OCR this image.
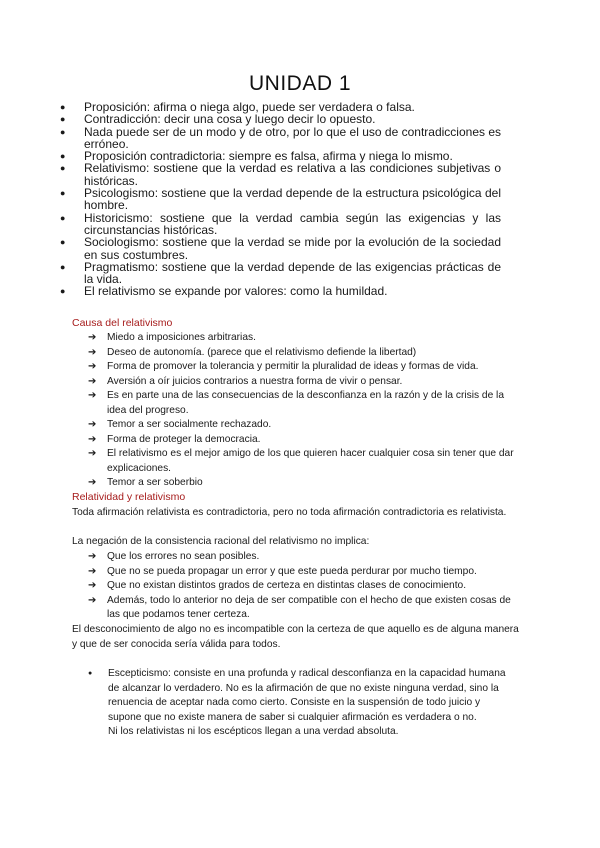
UNIDAD 1
● Proposición: afirma o niega algo, puede ser verdadera o falsa.
● Contradicción: decir una cosa y luego decir lo opuesto.
● Nada puede ser de un modo y de otro, por lo que el uso de contradicciones es erróneo.
● Proposición contradictoria: siempre es falsa, afirma y niega lo mismo.
● Relativismo: sostiene que la verdad es relativa a las condiciones subjetivas o históricas.
● Psicologismo: sostiene que la verdad depende de la estructura psicológica del hombre.
● Historicismo: sostiene que la verdad cambia según las exigencias y las circunstancias históricas.
● Sociologismo: sostiene que la verdad se mide por la evolución de la sociedad en sus costumbres.
● Pragmatismo: sostiene que la verdad depende de las exigencias prácticas de la vida.
● El relativismo se expande por valores: como la humildad.

Causa del relativismo

➔ Miedo a imposiciones arbitrarias.
➔ Deseo de autonomía. (parece que el relativismo defiende la libertad)
➔ Forma de promover la tolerancia y permitir la pluralidad de ideas y formas de vida.
➔ Aversión a oír juicios contrarios a nuestra forma de vivir o pensar.
➔ Es en parte una de las consecuencias de la desconfianza en la razón y de la crisis de la idea del progreso.
➔ Temor a ser socialmente rechazado.
➔ Forma de proteger la democracia.
➔ El relativismo es el mejor amigo de los que quieren hacer cualquier cosa sin tener que dar explicaciones.
➔ Temor a ser soberbio

Relatividad y relativismo

Toda afirmación relativista es contradictoria, pero no toda afirmación contradictoria es relativista.

La negación de la consistencia racional del relativismo no implica:

➔ Que los errores no sean posibles.
➔ Que no se pueda propagar un error y que este pueda perdurar por mucho tiempo.
➔ Que no existan distintos grados de certeza en distintas clases de conocimiento.
➔ Además, todo lo anterior no deja de ser compatible con el hecho de que existen cosas de las que podamos tener certeza.

El desconocimiento de algo no es incompatible con la certeza de que aquello es de alguna manera y que de ser conocida sería válida para todos.

● Escepticismo: consiste en una profunda y radical desconfianza en la capacidad humana de alcanzar lo verdadero. No es la afirmación de que no existe ninguna verdad, sino la renuencia de aceptar nada como cierto. Consiste en la suspensión de todo juicio y supone que no existe manera de saber si cualquier afirmación es verdadera o no.
Ni los relativistas ni los escépticos llegan a una verdad absoluta.
